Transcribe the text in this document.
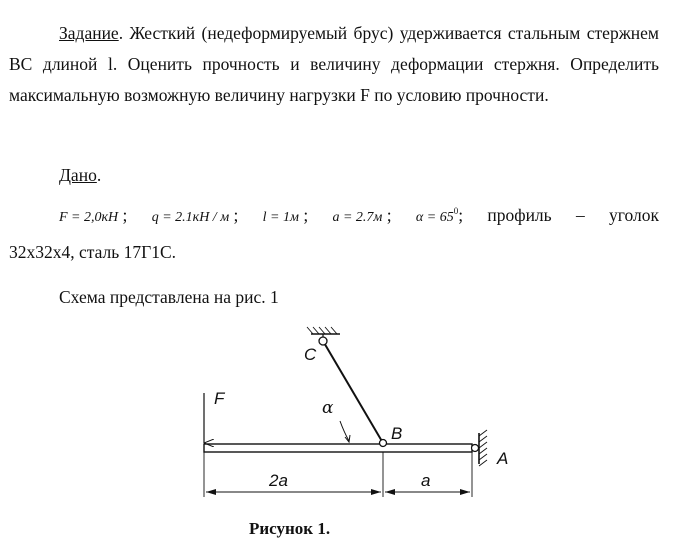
Задание. Жесткий (недеформируемый брус) удерживается стальным стержнем BC длиной l. Оценить прочность и величину деформации стержня. Определить максимальную возможную величину нагрузки F по условию прочности.
Дано.
F = 2,0кН ; q = 2.1кН / м ; l = 1м ; a = 2.7м ; $\alpha = 65^0$; профиль – уголок
32x32x4, сталь 17Г1С.
Схема представлена на рис. 1
F
C
α
B
A
2a	a
Рисунок 1.
